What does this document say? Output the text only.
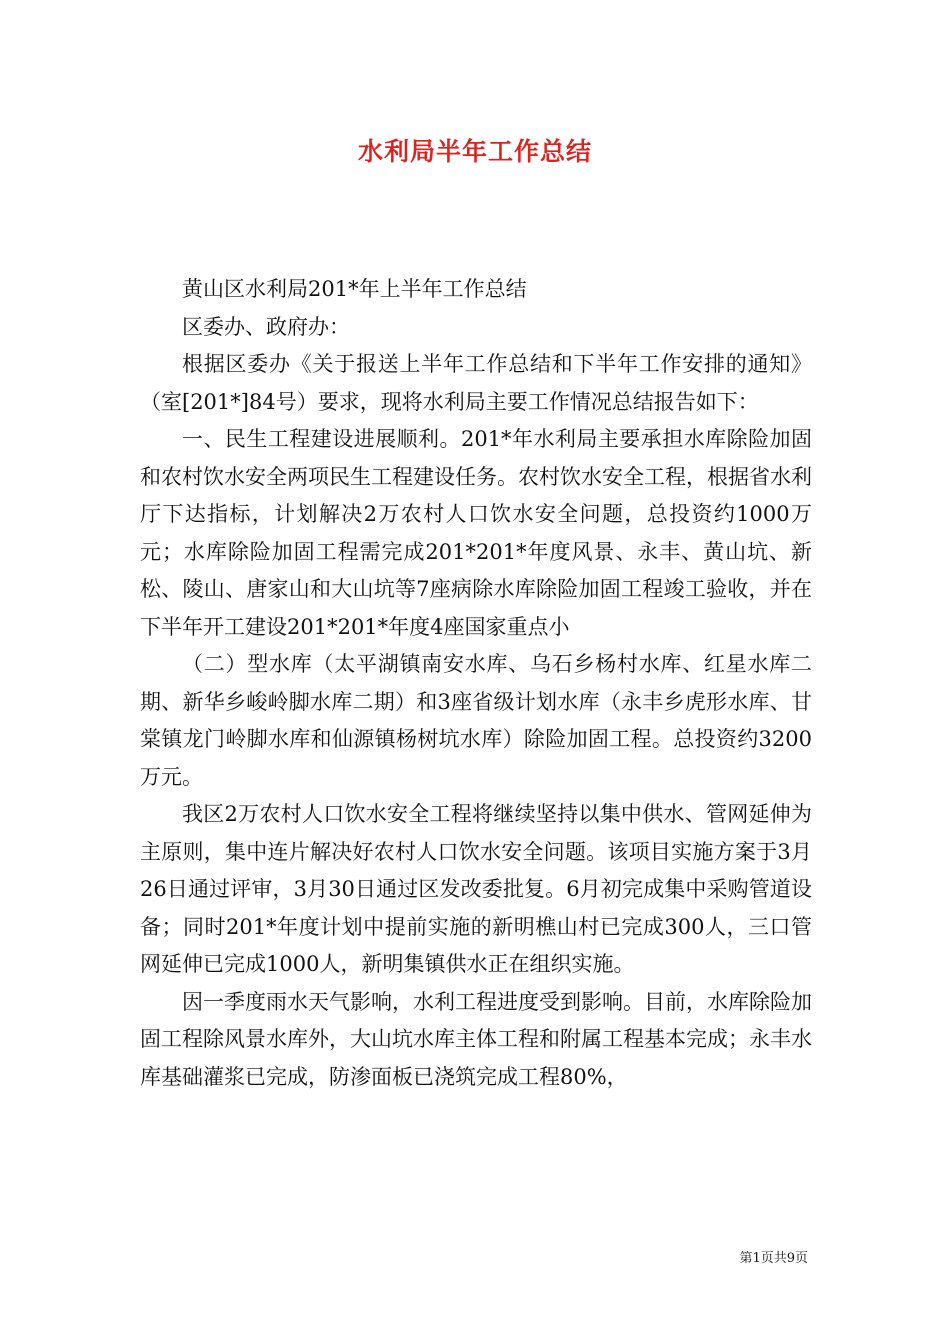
水利局半年工作总结

黄山区水利局201*年上半年工作总结

区委办、政府办：

根据区委办《关于报送上半年工作总结和下半年工作安排的通知》（室[201*]84号）要求，现将水利局主要工作情况总结报告如下：

一、民生工程建设进展顺利。201*年水利局主要承担水库除险加固和农村饮水安全两项民生工程建设任务。农村饮水安全工程，根据省水利厅下达指标，计划解决2万农村人口饮水安全问题，总投资约1000万元；水库除险加固工程需完成201*201*年度风景、永丰、黄山坑、新松、陵山、唐家山和大山坑等7座病除水库除险加固工程竣工验收，并在下半年开工建设201*201*年度4座国家重点小

（二）型水库（太平湖镇南安水库、乌石乡杨村水库、红星水库二期、新华乡峻岭脚水库二期）和3座省级计划水库（永丰乡虎形水库、甘棠镇龙门岭脚水库和仙源镇杨树坑水库）除险加固工程。总投资约3200万元。

我区2万农村人口饮水安全工程将继续坚持以集中供水、管网延伸为主原则，集中连片解决好农村人口饮水安全问题。该项目实施方案于3月26日通过评审，3月30日通过区发改委批复。6月初完成集中采购管道设备；同时201*年度计划中提前实施的新明樵山村已完成300人，三口管网延伸已完成1000人，新明集镇供水正在组织实施。

因一季度雨水天气影响，水利工程进度受到影响。目前，水库除险加固工程除风景水库外，大山坑水库主体工程和附属工程基本完成；永丰水库基础灌浆已完成，防渗面板已浇筑完成工程80%，

第1页共9页
